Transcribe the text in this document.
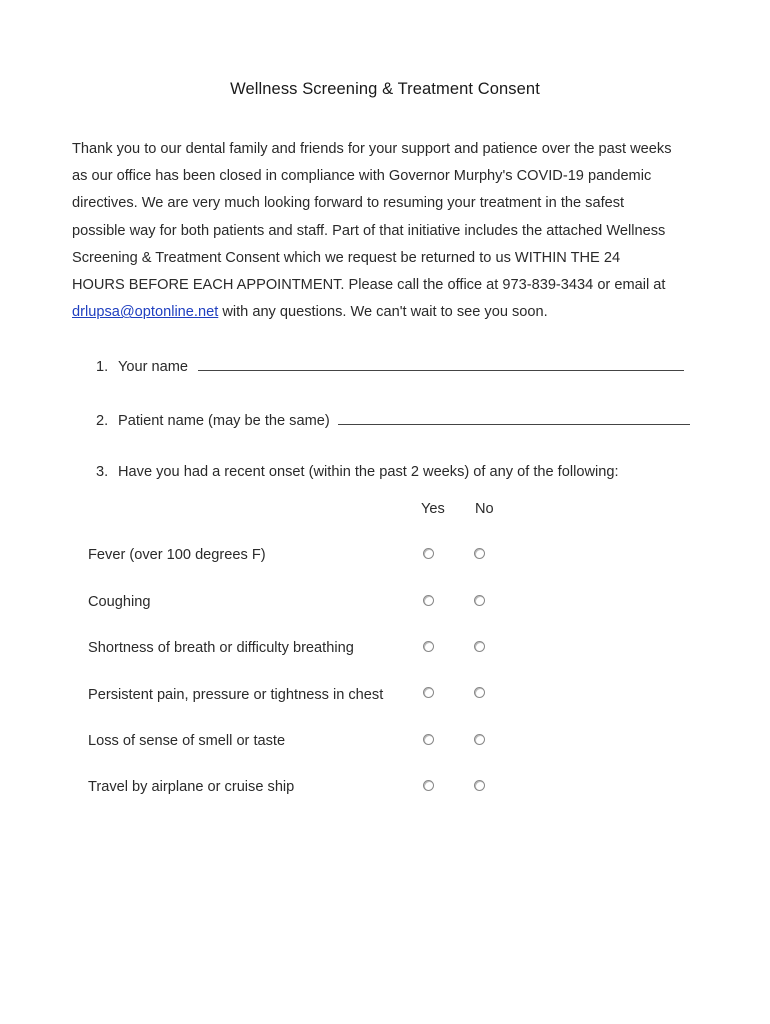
Wellness Screening & Treatment Consent
Thank you to our dental family and friends for your support and patience over the past weeks
as our office has been closed in compliance with Governor Murphy's COVID-19 pandemic
directives. We are very much looking forward to resuming your treatment in the safest
possible way for both patients and staff. Part of that initiative includes the attached Wellness
Screening & Treatment Consent which we request be returned to us WITHIN THE 24
HOURS BEFORE EACH APPOINTMENT. Please call the office at 973-839-3434 or email at
drlupsa@optonline.net with any questions. We can't wait to see you soon.
1. Your name
2. Patient name (may be the same)
3. Have you had a recent onset (within the past 2 weeks) of any of the following:
Yes No
Fever (over 100 degrees F)
Coughing
Shortness of breath or difficulty breathing
Persistent pain, pressure or tightness in chest
Loss of sense of smell or taste
Travel by airplane or cruise ship
